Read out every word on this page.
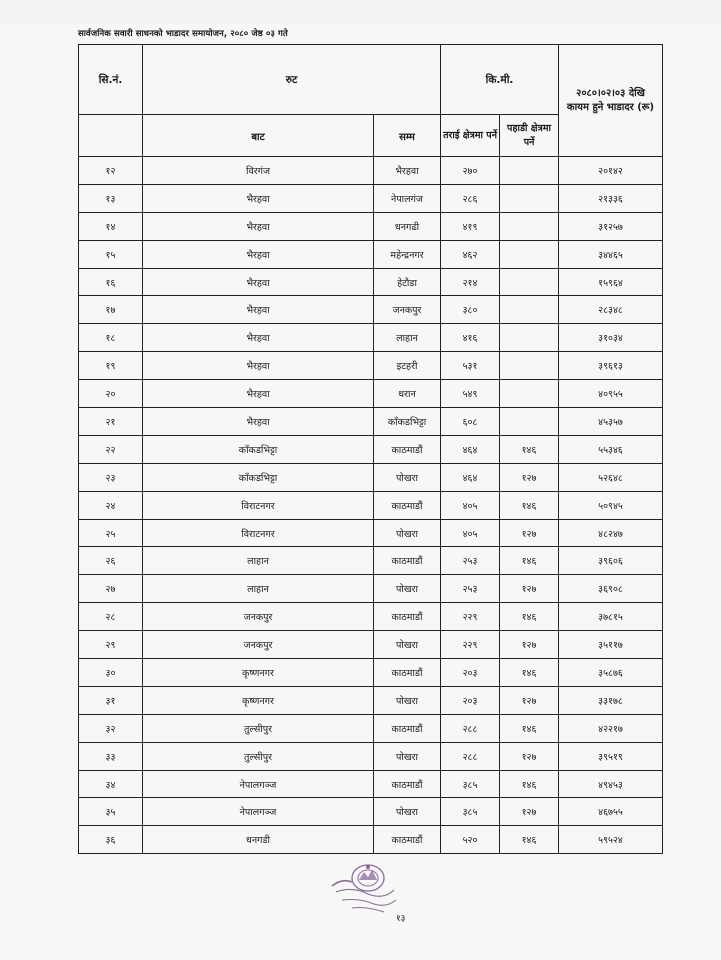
सार्वजनिक सवारी साधनको भाडादर समायोजन, २०८० जेष्ठ ०३ गते
सि.नं.	रुट		कि.मी.		२०८०।०२।०३ देखि कायम हुने भाडादर (रू)
	बाट	सम्म	तराई क्षेत्रमा पर्ने	पहाडी क्षेत्रमा पर्ने	
१२	विरगंज	भैरहवा	२७०		२०१४२
१३	भैरहवा	नेपालगंज	२८६		२१३३६
१४	भैरहवा	धनगढी	४१९		३१२५७
१५	भैरहवा	महेन्द्रनगर	४६२		३४४६५
१६	भैरहवा	हेटौडा	२१४		१५९६४
१७	भैरहवा	जनकपुर	३८०		२८३४८
१८	भैरहवा	लाहान	४१६		३१०३४
१९	भैरहवा	इटहरी	५३१		३९६१३
२०	भैरहवा	धरान	५४९		४०९५५
२१	भैरहवा	काँकडभिट्टा	६०८		४५३५७
२२	काँकडभिट्टा	काठमाडौं	४६४	१४६	५५३४६
२३	काँकडभिट्टा	पोखरा	४६४	१२७	५२६४८
२४	विराटनगर	काठमाडौं	४०५	१४६	५०९४५
२५	विराटनगर	पोखरा	४०५	१२७	४८२४७
२६	लाहान	काठमाडौं	२५३	१४६	३९६०६
२७	लाहान	पोखरा	२५३	१२७	३६९०८
२८	जनकपुर	काठमाडौं	२२९	१४६	३७८१५
२९	जनकपुर	पोखरा	२२९	१२७	३५११७
३०	कृष्णनगर	काठमाडौं	२०३	१४६	३५८७६
३१	कृष्णनगर	पोखरा	२०३	१२७	३३१७८
३२	तुल्सीपुर	काठमाडौं	२८८	१४६	४२२१७
३३	तुल्सीपुर	पोखरा	२८८	१२७	३९५१९
३४	नेपालगञ्ज	काठमाडौं	३८५	१४६	४९४५३
३५	नेपालगञ्ज	पोखरा	३८५	१२७	४६७५५
३६	धनगडी	काठमाडौं	५२०	१४६	५९५२४
१३
